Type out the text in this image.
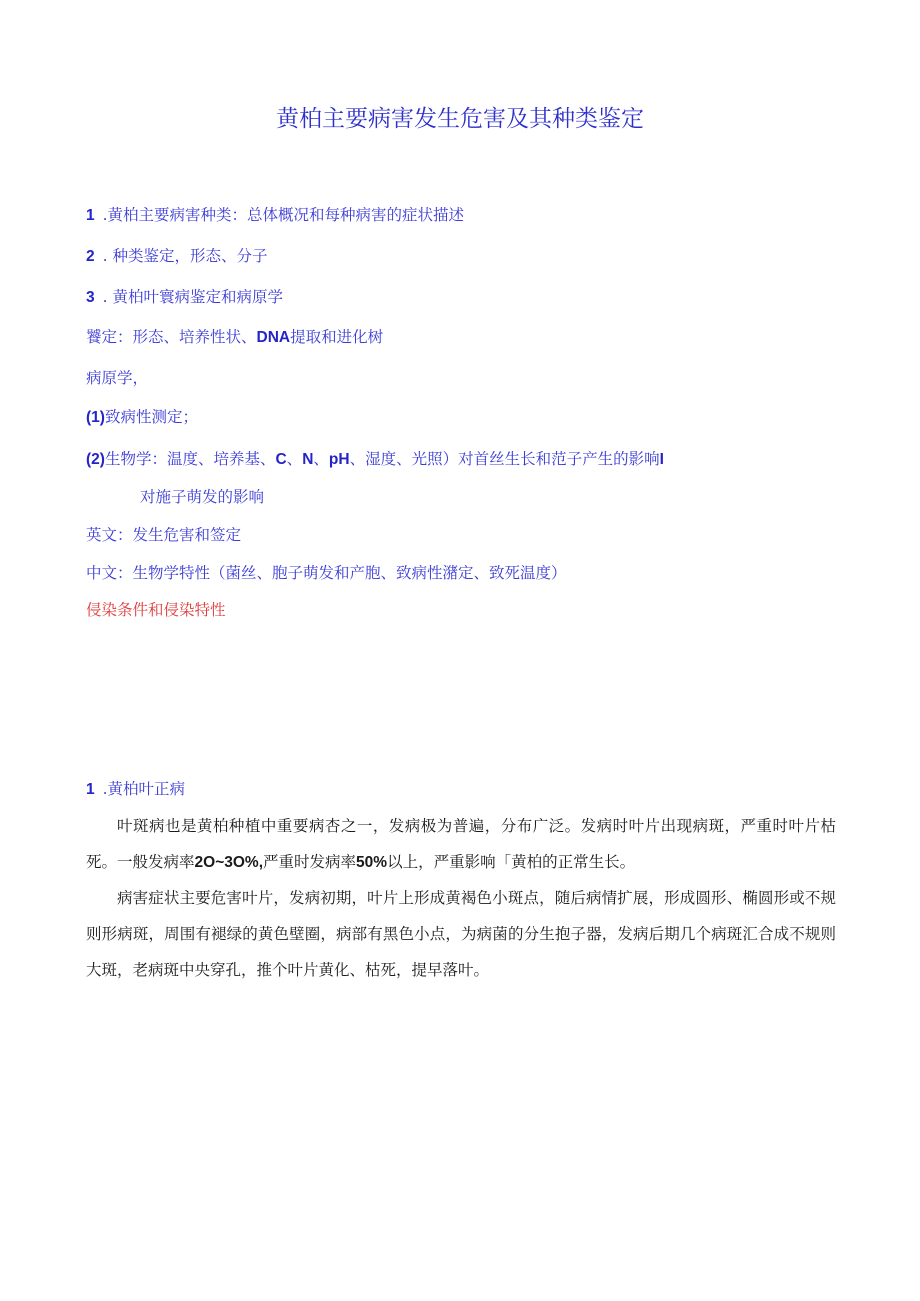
黄柏主要病害发生危害及其种类鉴定
1 .黄柏主要病害种类：总体概况和每种病害的症状描述
2 . 种类鉴定，形态、分子
3 . 黄柏叶寰病鉴定和病原学
饕定：形态、培养性状、DNA提取和进化树
病原学，
(1)致病性测定；
(2)生物学：温度、培养基、C、N、pH、湿度、光照）对首丝生长和范子产生的影响I
对施子萌发的影响
英文：发生危害和签定
中文：生物学特性（菌丝、胞子萌发和产胞、致病性潴定、致死温度）
侵染条件和侵染特性
1 .黄柏叶正病
叶斑病也是黄柏种植中重要病杏之一，发病极为普遍，分布广泛。发病时叶片出现病斑，严重时叶片枯死。一般发病率2O~3O%,严重时发病率50%以上，严重影响「黄柏的正常生长。
病害症状主要危害叶片，发病初期，叶片上形成黄褐色小斑点，随后病情扩展，形成圆形、椭圆形或不规则形病斑，周围有褪绿的黄色壁圈，病部有黑色小点，为病菌的分生抱子器，发病后期几个病斑汇合成不规则大斑，老病斑中央穿孔，推个叶片黄化、枯死，提早落叶。
